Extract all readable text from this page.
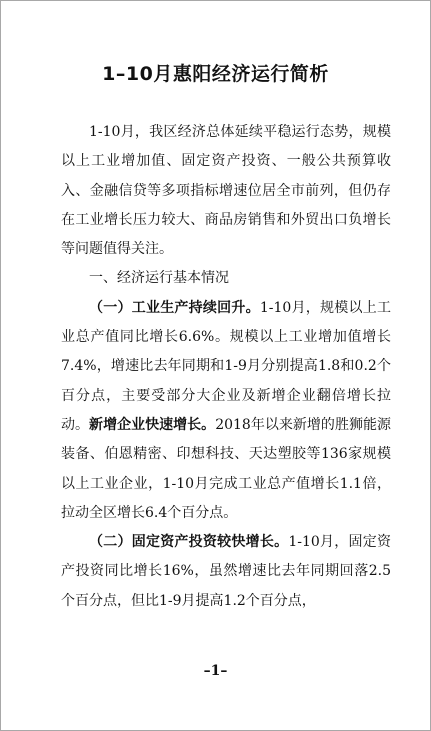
1–10月惠阳经济运行简析

1-10月，我区经济总体延续平稳运行态势，规模以上工业增加值、固定资产投资、一般公共预算收入、金融信贷等多项指标增速位居全市前列，但仍存在工业增长压力较大、商品房销售和外贸出口负增长等问题值得关注。

一、经济运行基本情况

（一）工业生产持续回升。1-10月，规模以上工业总产值同比增长6.6%。规模以上工业增加值增长7.4%，增速比去年同期和1-9月分别提高1.8和0.2个百分点，主要受部分大企业及新增企业翻倍增长拉动。新增企业快速增长。2018年以来新增的胜狮能源装备、伯恩精密、印想科技、天达塑胶等136家规模以上工业企业，1-10月完成工业总产值增长1.1倍，拉动全区增长6.4个百分点。

（二）固定资产投资较快增长。1-10月，固定资产投资同比增长16%，虽然增速比去年同期回落2.5个百分点，但比1-9月提高1.2个百分点，

–1–
